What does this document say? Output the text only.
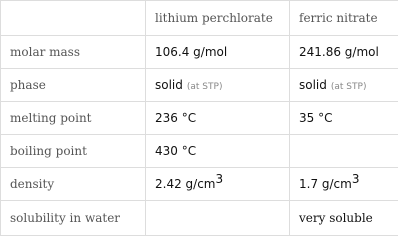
	lithium perchlorate	ferric nitrate
molar mass	106.4 g/mol	241.86 g/mol
phase	solid (at STP)	solid (at STP)
melting point	236 °C	35 °C
boiling point	430 °C	
density	2.42 $g/cm^3$	1.7 $g/cm^3$
solubility in water		very soluble
